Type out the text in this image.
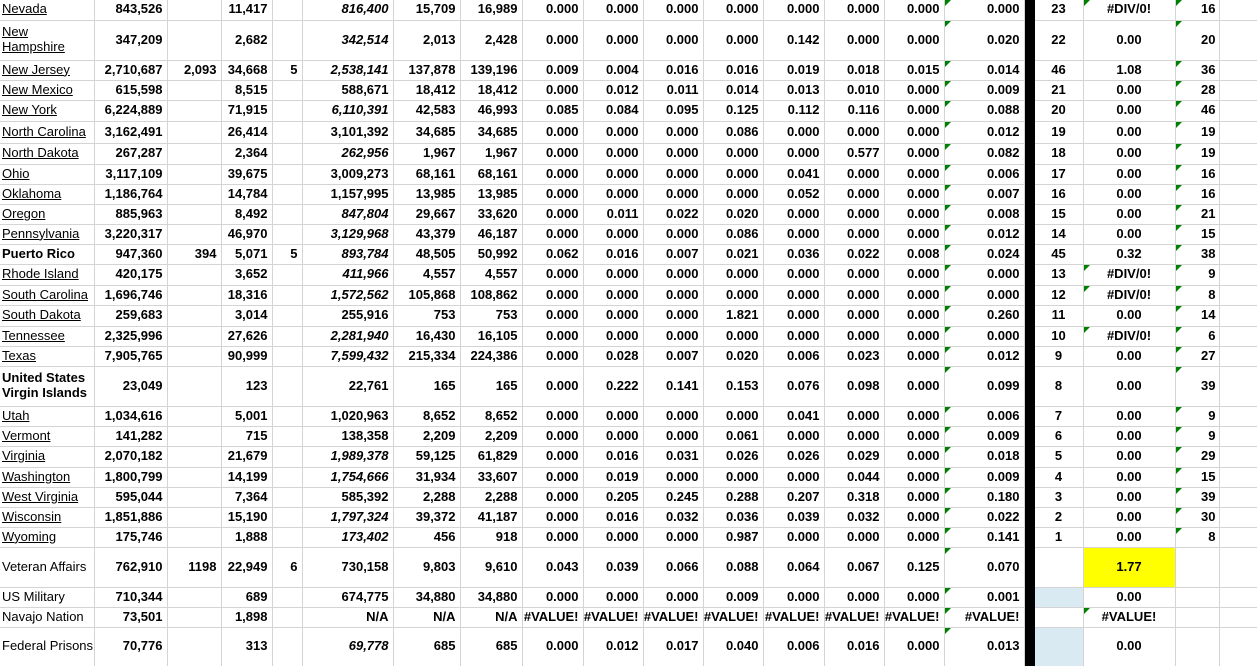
Nevada	843,526		11,417		816,400	15,709	16,989	0.000	0.000	0.000	0.000	0.000	0.000	0.000	0.000		23	#DIV/0!	16	
New Hampshire	347,209		2,682		342,514	2,013	2,428	0.000	0.000	0.000	0.000	0.142	0.000	0.000	0.020		22	0.00	20	
New Jersey	2,710,687	2,093	34,668	5	2,538,141	137,878	139,196	0.009	0.004	0.016	0.016	0.019	0.018	0.015	0.014		46	1.08	36	
New Mexico	615,598		8,515		588,671	18,412	18,412	0.000	0.012	0.011	0.014	0.013	0.010	0.000	0.009		21	0.00	28	
New York	6,224,889		71,915		6,110,391	42,583	46,993	0.085	0.084	0.095	0.125	0.112	0.116	0.000	0.088		20	0.00	46	
North Carolina	3,162,491		26,414		3,101,392	34,685	34,685	0.000	0.000	0.000	0.086	0.000	0.000	0.000	0.012		19	0.00	19	
North Dakota	267,287		2,364		262,956	1,967	1,967	0.000	0.000	0.000	0.000	0.000	0.577	0.000	0.082		18	0.00	19	
Ohio	3,117,109		39,675		3,009,273	68,161	68,161	0.000	0.000	0.000	0.000	0.041	0.000	0.000	0.006		17	0.00	16	
Oklahoma	1,186,764		14,784		1,157,995	13,985	13,985	0.000	0.000	0.000	0.000	0.052	0.000	0.000	0.007		16	0.00	16	
Oregon	885,963		8,492		847,804	29,667	33,620	0.000	0.011	0.022	0.020	0.000	0.000	0.000	0.008		15	0.00	21	
Pennsylvania	3,220,317		46,970		3,129,968	43,379	46,187	0.000	0.000	0.000	0.086	0.000	0.000	0.000	0.012		14	0.00	15	
Puerto Rico	947,360	394	5,071	5	893,784	48,505	50,992	0.062	0.016	0.007	0.021	0.036	0.022	0.008	0.024		45	0.32	38	
Rhode Island	420,175		3,652		411,966	4,557	4,557	0.000	0.000	0.000	0.000	0.000	0.000	0.000	0.000		13	#DIV/0!	9	
South Carolina	1,696,746		18,316		1,572,562	105,868	108,862	0.000	0.000	0.000	0.000	0.000	0.000	0.000	0.000		12	#DIV/0!	8	
South Dakota	259,683		3,014		255,916	753	753	0.000	0.000	0.000	1.821	0.000	0.000	0.000	0.260		11	0.00	14	
Tennessee	2,325,996		27,626		2,281,940	16,430	16,105	0.000	0.000	0.000	0.000	0.000	0.000	0.000	0.000		10	#DIV/0!	6	
Texas	7,905,765		90,999		7,599,432	215,334	224,386	0.000	0.028	0.007	0.020	0.006	0.023	0.000	0.012		9	0.00	27	
United States Virgin Islands	23,049		123		22,761	165	165	0.000	0.222	0.141	0.153	0.076	0.098	0.000	0.099		8	0.00	39	
Utah	1,034,616		5,001		1,020,963	8,652	8,652	0.000	0.000	0.000	0.000	0.041	0.000	0.000	0.006		7	0.00	9	
Vermont	141,282		715		138,358	2,209	2,209	0.000	0.000	0.000	0.061	0.000	0.000	0.000	0.009		6	0.00	9	
Virginia	2,070,182		21,679		1,989,378	59,125	61,829	0.000	0.016	0.031	0.026	0.026	0.029	0.000	0.018		5	0.00	29	
Washington	1,800,799		14,199		1,754,666	31,934	33,607	0.000	0.019	0.000	0.000	0.000	0.044	0.000	0.009		4	0.00	15	
West Virginia	595,044		7,364		585,392	2,288	2,288	0.000	0.205	0.245	0.288	0.207	0.318	0.000	0.180		3	0.00	39	
Wisconsin	1,851,886		15,190		1,797,324	39,372	41,187	0.000	0.016	0.032	0.036	0.039	0.032	0.000	0.022		2	0.00	30	
Wyoming	175,746		1,888		173,402	456	918	0.000	0.000	0.000	0.987	0.000	0.000	0.000	0.141		1	0.00	8	
Veteran Affairs	762,910	1198	22,949	6	730,158	9,803	9,610	0.043	0.039	0.066	0.088	0.064	0.067	0.125	0.070			1.77		
US Military	710,344		689		674,775	34,880	34,880	0.000	0.000	0.000	0.009	0.000	0.000	0.000	0.001			0.00		
Navajo Nation	73,501		1,898		N/A	N/A	N/A	#VALUE!	#VALUE!	#VALUE!	#VALUE!	#VALUE!	#VALUE!	#VALUE!	#VALUE!			#VALUE!		
Federal Prisons	70,776		313		69,778	685	685	0.000	0.012	0.017	0.040	0.006	0.016	0.000	0.013			0.00		
